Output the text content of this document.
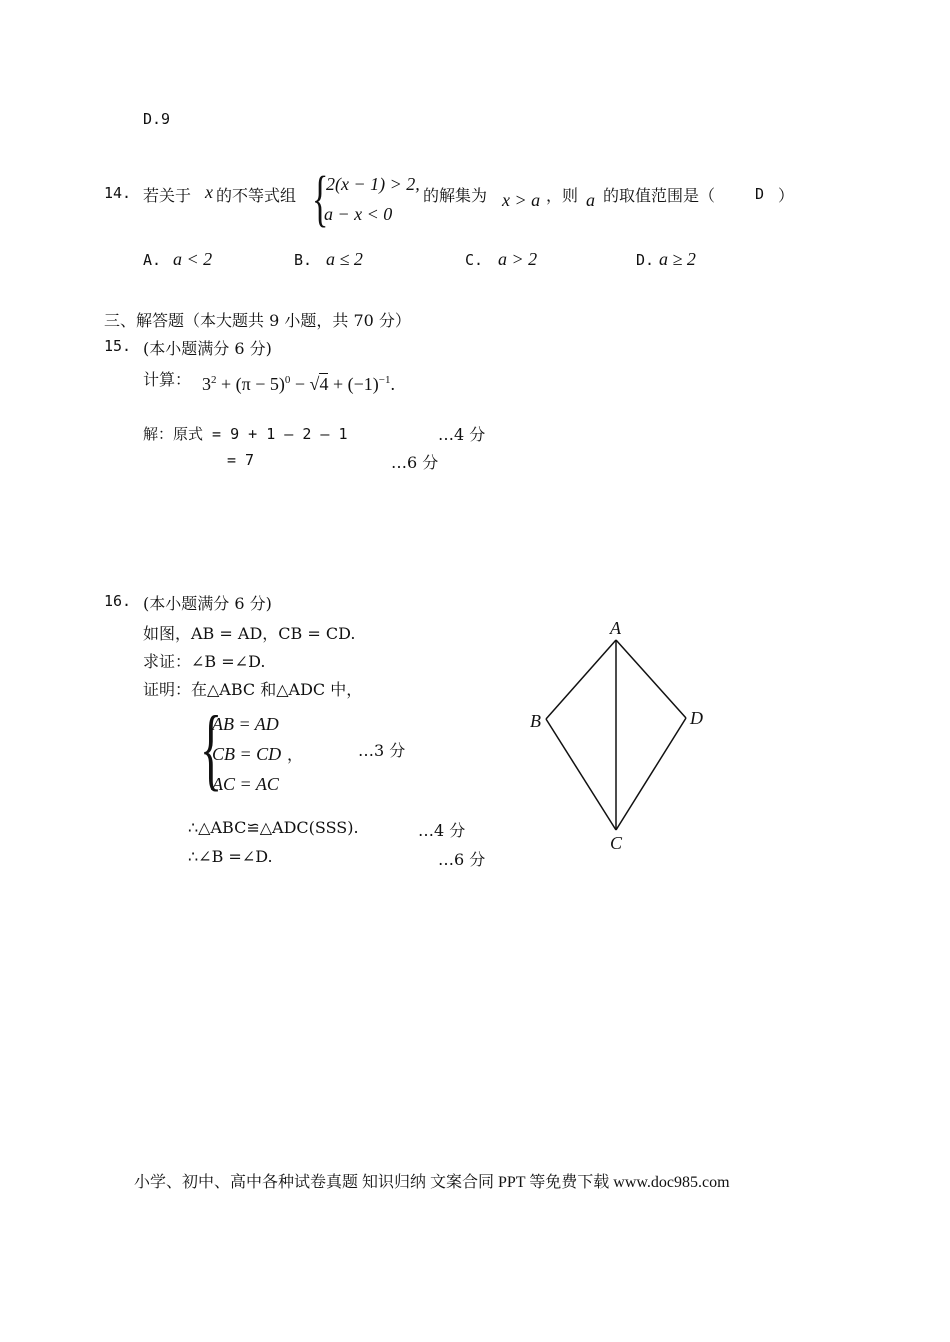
D.9
14. 若关于 x 的不等式组 {
2(x − 1) > 2,
a − x < 0
的解集为 x > a ，则 a 的取值范围是（	D ）
A. a < 2	B. a ≤ 2	C. a > 2	D. a ≥ 2
三、解答题（本大题共 9 小题，共 70 分）
15. (本小题满分 6 分)
计算： $3^2 + (\pi - 5)^0 - √4 + (-1)^{-1}$.
解：原式 = 9 + 1 – 2 – 1	…4 分
= 7	…6 分
16. (本小题满分 6 分)
如图，AB = AD，CB = CD.
求证：∠B =∠D.
证明：在△ABC 和△ADC 中，
{
AB = AD
CB = CD
AC = AC
，	…3 分
∴△ABC≌△ADC(SSS).	…4 分
∴∠B =∠D.	…6 分
A
B
C
D
小学、初中、高中各种试卷真题 知识归纳 文案合同 PPT 等免费下载 www.doc985.com
